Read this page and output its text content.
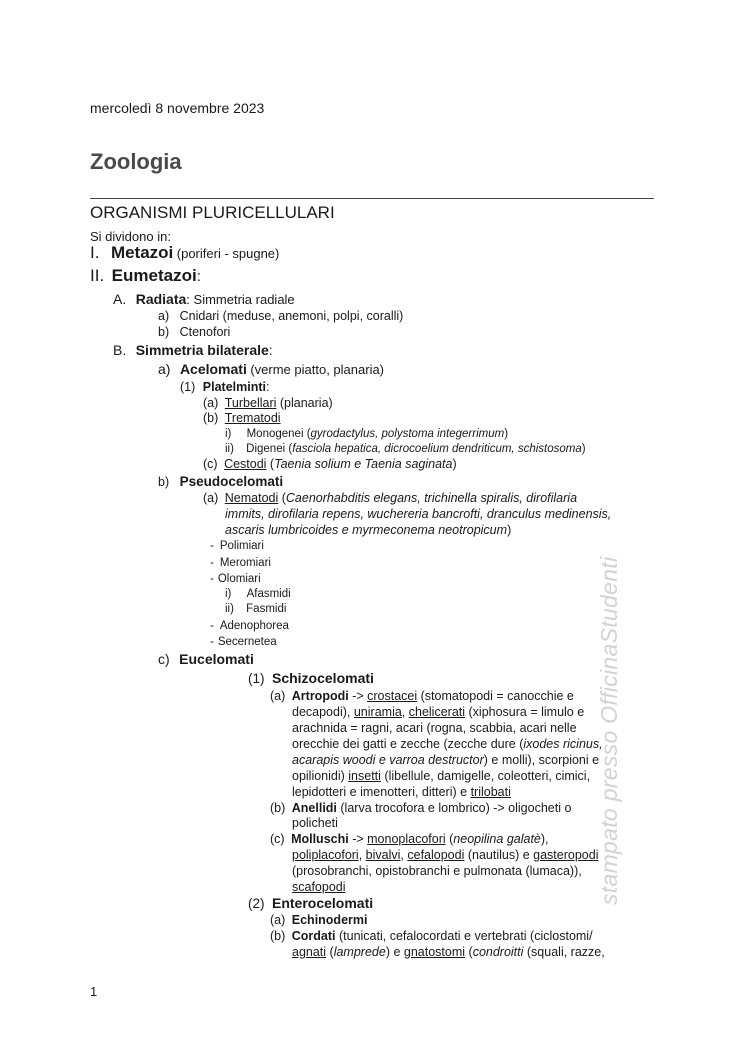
mercoledì 8 novembre 2023
Zoologia
ORGANISMI PLURICELLULARI
Si dividono in:
I. Metazoi (poriferi - spugne)
II. Eumetazoi:
A. Radiata: Simmetria radiale
a) Cnidari (meduse, anemoni, polpi, coralli)
b) Ctenofori
B. Simmetria bilaterale:
a) Acelomati (verme piatto, planaria)
(1) Platelminti:
(a) Turbellari (planaria)
(b) Trematodi
i) Monogenei (gyrodactylus, polystoma integerrimum)
ii) Digenei (fasciola hepatica, dicrocoelium dendriticum, schistosoma)
(c) Cestodi (Taenia solium e Taenia saginata)
b) Pseudocelomati
(a) Nematodi (Caenorhabditis elegans, trichinella spiralis, dirofilaria
immits, dirofilaria repens, wuchereria bancrofti, dranculus medinensis,
ascaris lumbricoides e myrmeconema neotropicum)
- Polimiari
- Meromiari
- Olomiari
i) Afasmidi
ii) Fasmidi
- Adenophorea
- Secernetea
c) Eucelomati
(1) Schizocelomati
(a) Artropodi -> crostacei (stomatopodi = canocchie e
decapodi), uniramia, chelicerati (xiphosura = limulo e
arachnida = ragni, acari (rogna, scabbia, acari nelle
orecchie dei gatti e zecche (zecche dure (ixodes ricinus,
acarapis woodi e varroa destructor) e molli), scorpioni e
opilionidi) insetti (libellule, damigelle, coleotteri, cimici,
lepidotteri e imenotteri, ditteri) e trilobati
(b) Anellidi (larva trocofora e lombrico) -> oligocheti o
policheti
(c) Molluschi -> monoplacofori (neopilina galatè),
poliplacofori, bivalvi, cefalopodi (nautilus) e gasteropodi
(prosobranchi, opistobranchi e pulmonata (lumaca)),
scafopodi
(2) Enterocelomati
(a) Echinodermi
(b) Cordati (tunicati, cefalocordati e vertebrati (ciclostomi/
agnati (lamprede) e gnatostomi (condroitti (squali, razze,
stampato presso OfficinaStudenti
1
